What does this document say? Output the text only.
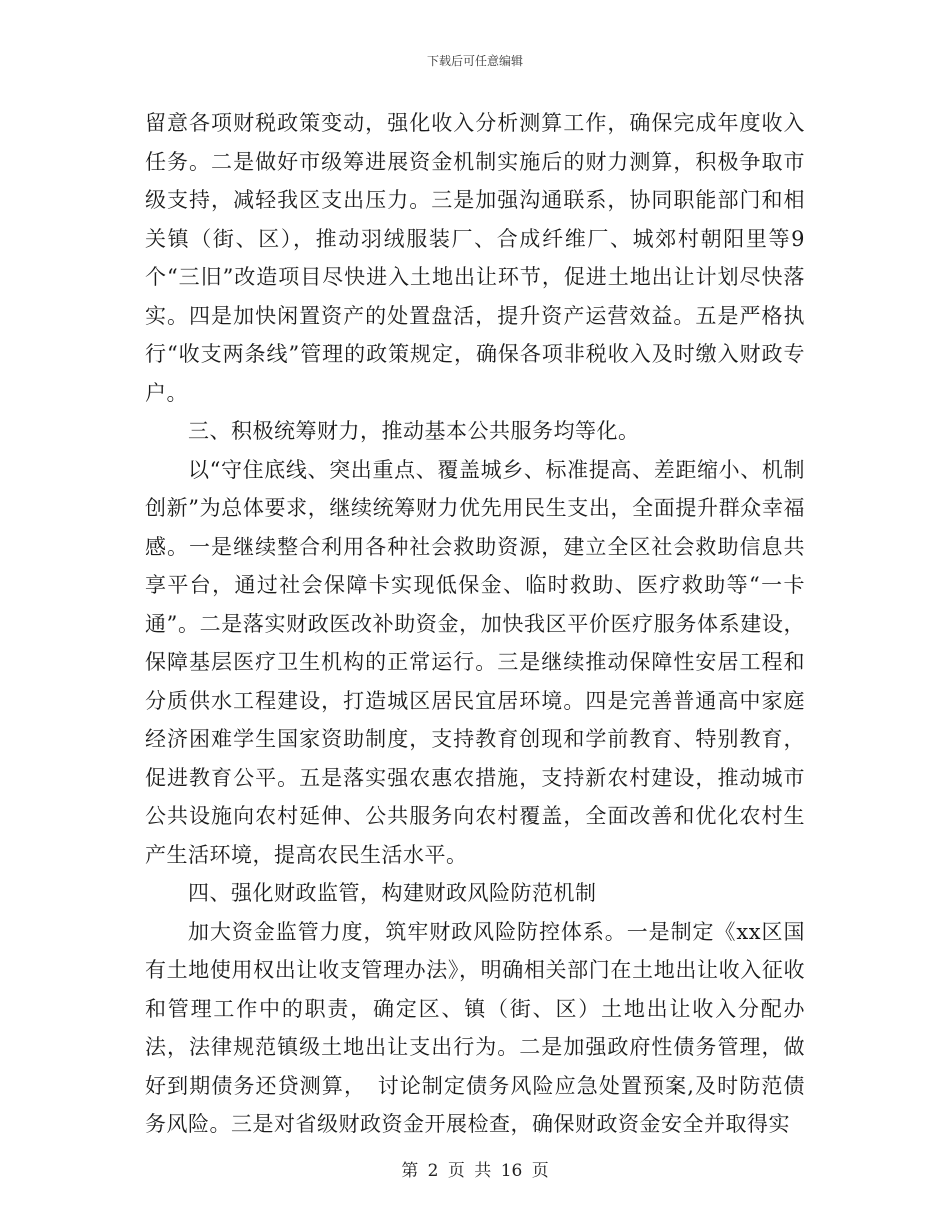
下载后可任意编辑

留意各项财税政策变动，强化收入分析测算工作，确保完成年度收入任务。二是做好市级筹进展资金机制实施后的财力测算，积极争取市级支持，减轻我区支出压力。三是加强沟通联系，协同职能部门和相关镇（街、区），推动羽绒服装厂、合成纤维厂、城郊村朝阳里等9个“三旧”改造项目尽快进入土地出让环节，促进土地出让计划尽快落实。四是加快闲置资产的处置盘活，提升资产运营效益。五是严格执行“收支两条线”管理的政策规定，确保各项非税收入及时缴入财政专户。

三、积极统筹财力，推动基本公共服务均等化。

以“守住底线、突出重点、覆盖城乡、标准提高、差距缩小、机制创新”为总体要求，继续统筹财力优先用民生支出，全面提升群众幸福感。一是继续整合利用各种社会救助资源，建立全区社会救助信息共享平台，通过社会保障卡实现低保金、临时救助、医疗救助等“一卡通”。二是落实财政医改补助资金，加快我区平价医疗服务体系建设，保障基层医疗卫生机构的正常运行。三是继续推动保障性安居工程和分质供水工程建设，打造城区居民宜居环境。四是完善普通高中家庭经济困难学生国家资助制度，支持教育创现和学前教育、特别教育，促进教育公平。五是落实强农惠农措施，支持新农村建设，推动城市公共设施向农村延伸、公共服务向农村覆盖，全面改善和优化农村生产生活环境，提高农民生活水平。

四、强化财政监管，构建财政风险防范机制

加大资金监管力度，筑牢财政风险防控体系。一是制定《xx区国有土地使用权出让收支管理办法》，明确相关部门在土地出让收入征收和管理工作中的职责，确定区、镇（街、区）土地出让收入分配办法，法律规范镇级土地出让支出行为。二是加强政府性债务管理，做好到期债务还贷测算，　讨论制定债务风险应急处置预案,及时防范债务风险。三是对省级财政资金开展检查，确保财政资金安全并取得实

第 2 页 共 16 页
